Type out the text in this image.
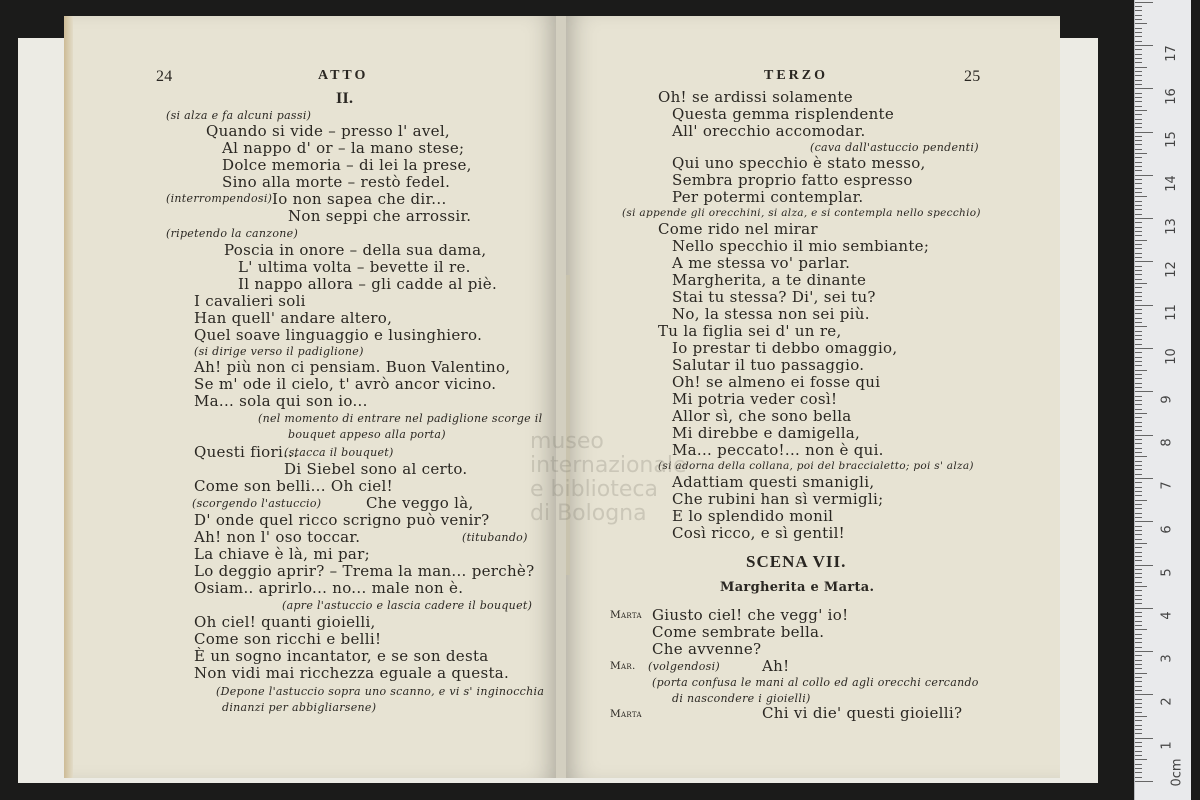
24	ATTO
II.
(si alza e fa alcuni passi)
Quando si vide – presso l' avel,
Al nappo d' or – la mano stese;
Dolce memoria – di lei la prese,
Sino alla morte – restò fedel.
(interrompendosi) Io non sapea che dir...
Non seppi che arrossir.
(ripetendo la canzone)
Poscia in onore – della sua dama,
L' ultima volta – bevette il re.
Il nappo allora – gli cadde al piè.
I cavalieri soli
Han quell' andare altero,
Quel soave linguaggio e lusinghiero.
(si dirige verso il padiglione)
Ah! più non ci pensiam. Buon Valentino,
Se m' ode il cielo, t' avrò ancor vicino.
Ma... sola qui son io...
(nel momento di entrare nel padiglione scorge il
bouquet appeso alla porta)
Questi fiori...
(stacca il bouquet)
Di Siebel sono al certo.
Come son belli... Oh ciel!
(scorgendo l'astuccio)	Che veggo là,
D' onde quel ricco scrigno può venir?
Ah! non l' oso toccar.	(titubando)
La chiave è là, mi par;
Lo deggio aprir? – Trema la man... perchè?
Osiam.. aprirlo... no... male non è.
(apre l'astuccio e lascia cadere il bouquet)
Oh ciel! quanti gioielli,
Come son ricchi e belli!
È un sogno incantator, e se son desta
Non vidi mai ricchezza eguale a questa.
(Depone l'astuccio sopra uno scanno, e vi s' inginocchia
dinanzi per abbigliarsene)
TERZO	25
Oh! se ardissi solamente
Questa gemma risplendente
All' orecchio accomodar.
(cava dall'astuccio pendenti)
Qui uno specchio è stato messo,
Sembra proprio fatto espresso
Per potermi contemplar.
(si appende gli orecchini, si alza, e si contempla nello specchio)
Come rido nel mirar
Nello specchio il mio sembiante;
A me stessa vo' parlar.
Margherita, a te dinante
Stai tu stessa? Di', sei tu?
No, la stessa non sei più.
Tu la figlia sei d' un re,
Io prestar ti debbo omaggio,
Salutar il tuo passaggio.
Oh! se almeno ei fosse qui
Mi potria veder così!
Allor sì, che sono bella
Mi direbbe e damigella,
Ma... peccato!... non è qui.
(si adorna della collana, poi del braccialetto; poi s' alza)
Adattiam questi smanigli,
Che rubini han sì vermigli;
E lo splendido monil
Così ricco, e sì gentil!
SCENA VII.
Margherita e Marta.
Marta Giusto ciel! che vegg' io!
Come sembrate bella.
Che avvenne?
Mar. (volgendosi)	Ah!
(porta confusa le mani al collo ed agli orecchi cercando
di nascondere i gioielli)
Marta	Chi vi die' questi gioielli?
museo internazionale
e biblioteca
di Bologna
0cm
1
2
3
4
5
6
7
8
9
10
11
12
13
14
15
16
17
